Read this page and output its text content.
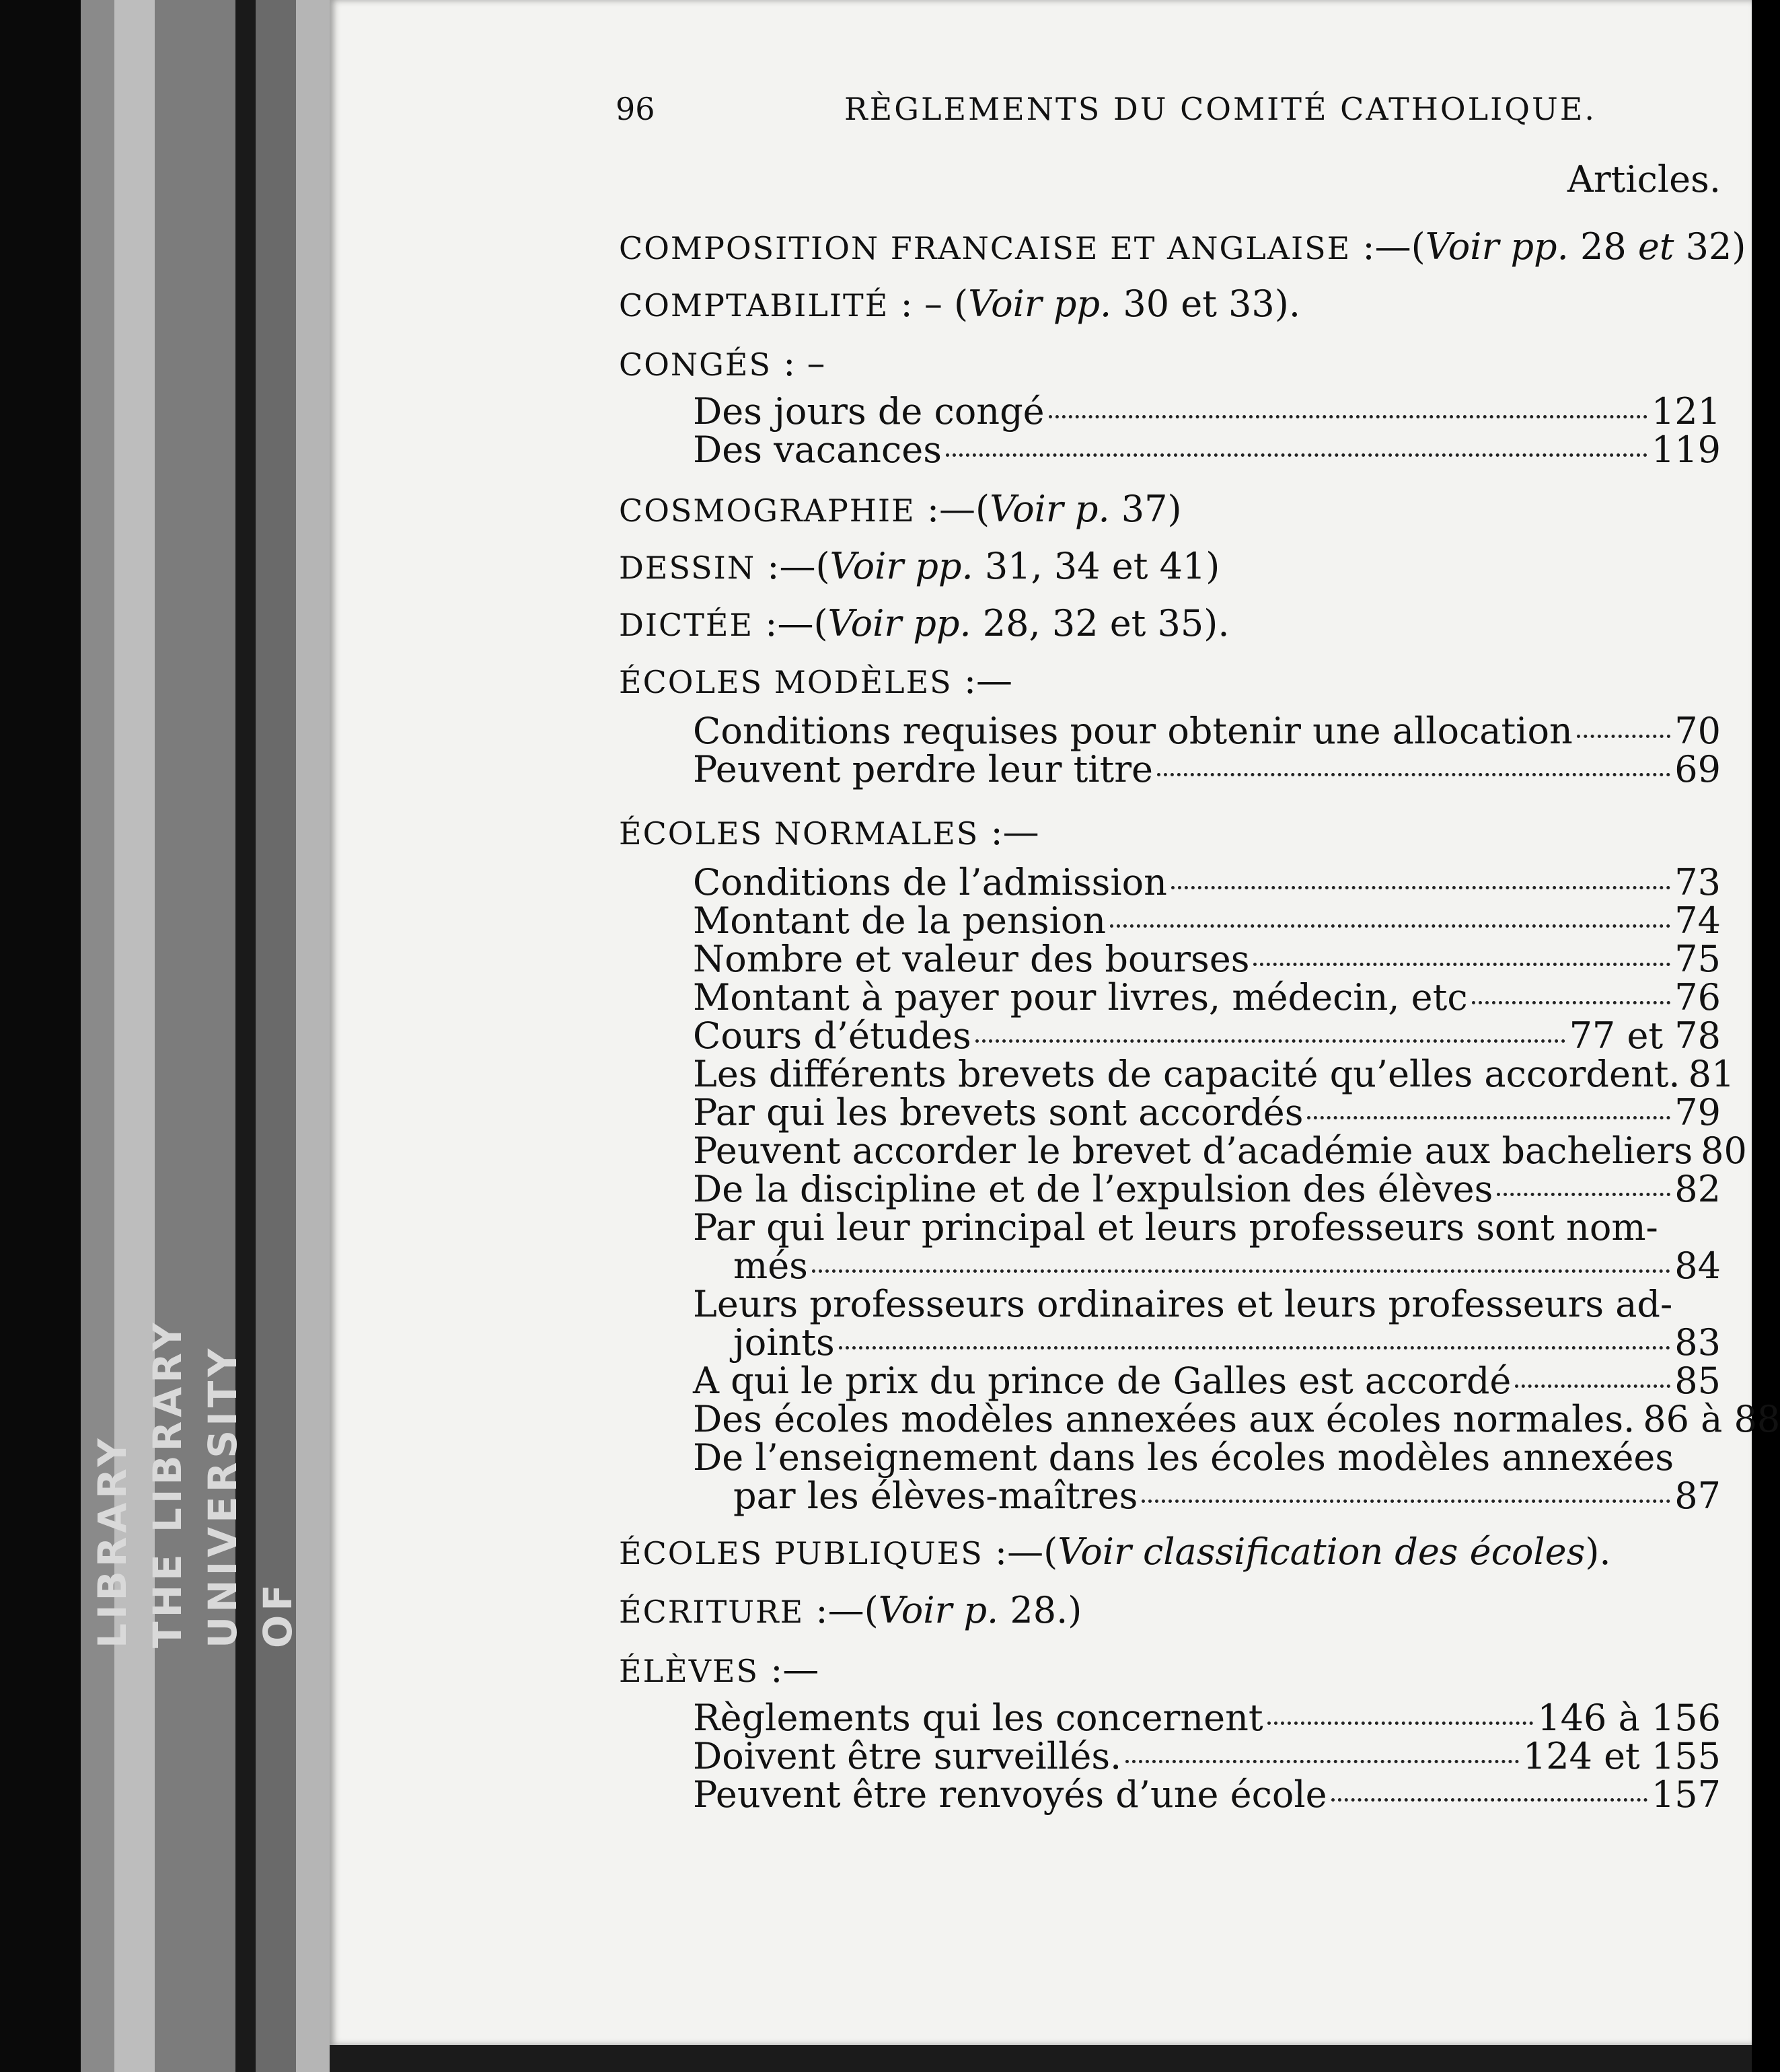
LIBRARY THE LIBRARY UNIVERSITY OF
96	RÈGLEMENTS DU COMITÉ CATHOLIQUE.
Articles.
COMPOSITION FRANCAISE ET ANGLAISE :—(Voir pp. 28 et 32)
COMPTABILITÉ : – (Voir pp. 30 et 33).
CONGÉS : –
Des jours de congé	121
Des vacances	119
COSMOGRAPHIE :—(Voir p. 37)
DESSIN :—(Voir pp. 31, 34 et 41)
DICTÉE :—(Voir pp. 28, 32 et 35).
ÉCOLES MODÈLES :—
Conditions requises pour obtenir une allocation	70
Peuvent perdre leur titre	69
ÉCOLES NORMALES :—
Conditions de l’admission	73
Montant de la pension	74
Nombre et valeur des bourses	75
Montant à payer pour livres, médecin, etc	76
Cours d’études	77 et 78
Les différents brevets de capacité qu’elles accordent. 81
Par qui les brevets sont accordés	79
Peuvent accorder le brevet d’académie aux bacheliers 80
De la discipline et de l’expulsion des élèves	82
Par qui leur principal et leurs professeurs sont nom-
més	84
Leurs professeurs ordinaires et leurs professeurs ad-
joints	83
A qui le prix du prince de Galles est accordé	85
Des écoles modèles annexées aux écoles normales. 86 à 88
De l’enseignement dans les écoles modèles annexées
par les élèves-maîtres	87
ÉCOLES PUBLIQUES :—(Voir classification des écoles).
ÉCRITURE :—(Voir p. 28.)
ÉLÈVES :—
Règlements qui les concernent	146 à 156
Doivent être surveillés.	124 et 155
Peuvent être renvoyés d’une école	157
